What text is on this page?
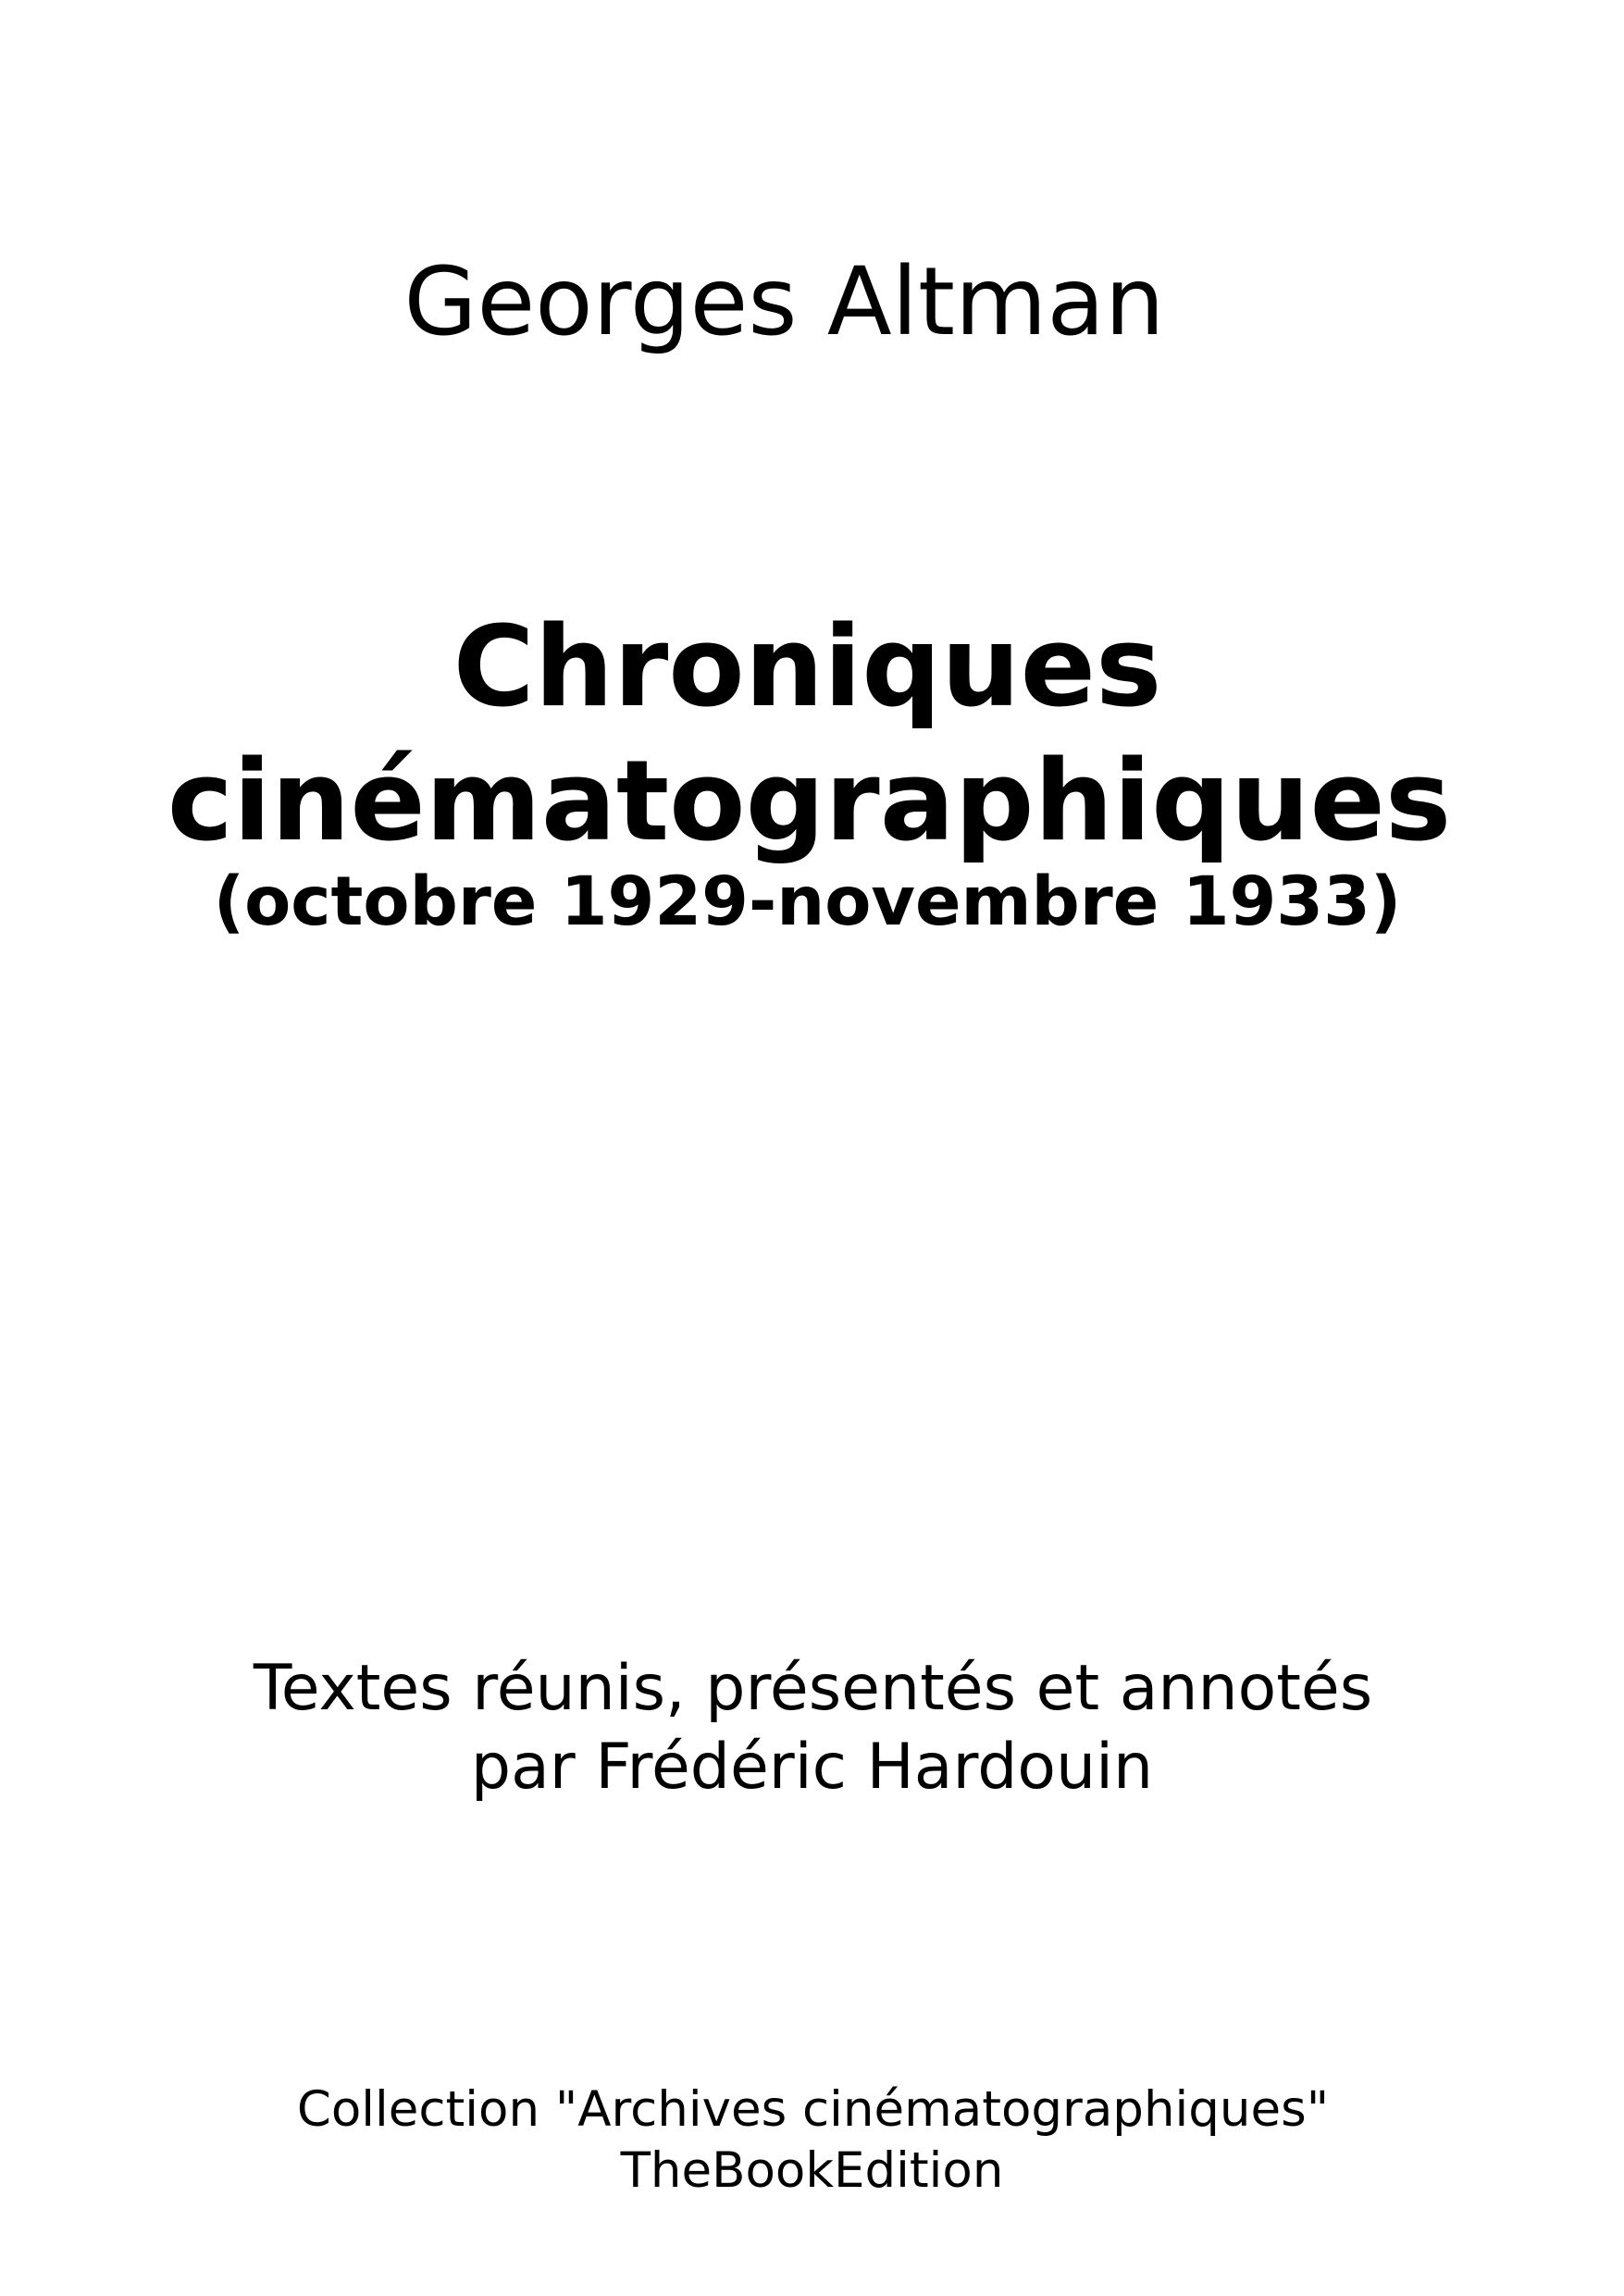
Georges Altman
Chroniques
cinématographiques
(octobre 1929-novembre 1933)
Textes réunis, présentés et annotés
par Frédéric Hardouin
Collection "Archives cinématographiques"
TheBookEdition
